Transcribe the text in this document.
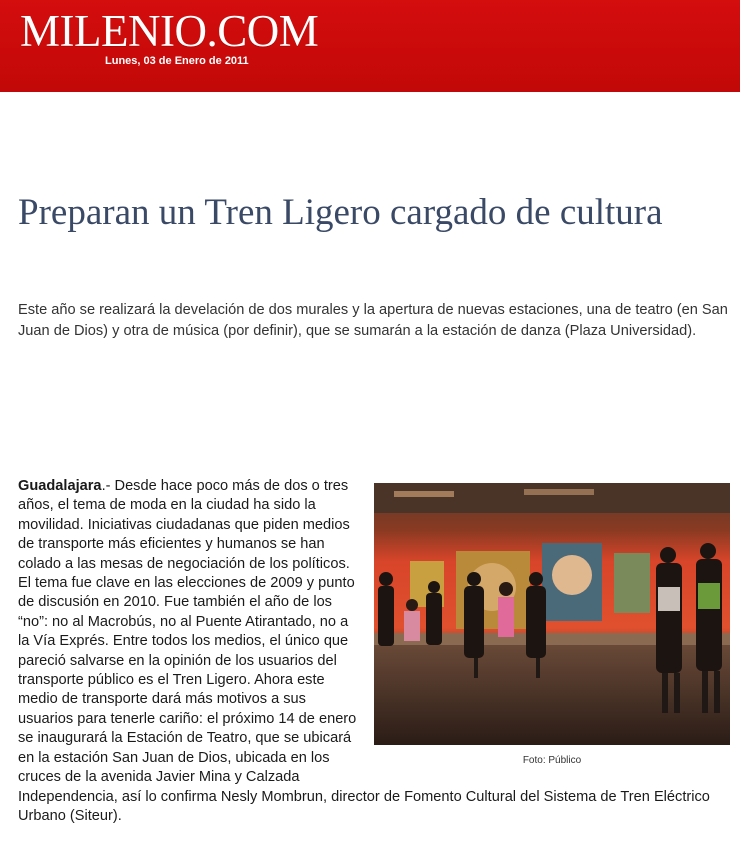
MILENIO.COM
Lunes, 03 de Enero de 2011
Preparan un Tren Ligero cargado de cultura

Este año se realizará la develación de dos murales y la apertura de nuevas estaciones, una de teatro (en San Juan de Dios) y otra de música (por definir), que se sumarán a la estación de danza (Plaza Universidad).

Foto: Público
Guadalajara.- Desde hace poco más de dos o tres años, el tema de moda en la ciudad ha sido la movilidad. Iniciativas ciudadanas que piden medios de transporte más eficientes y humanos se han colado a las mesas de negociación de los políticos. El tema fue clave en las elecciones de 2009 y punto de discusión en 2010. Fue también el año de los “no”: no al Macrobús, no al Puente Atirantado, no a la Vía Exprés. Entre todos los medios, el único que pareció salvarse en la opinión de los usuarios del transporte público es el Tren Ligero. Ahora este medio de transporte dará más motivos a sus usuarios para tenerle cariño: el próximo 14 de enero se inaugurará la Estación de Teatro, que se ubicará en la estación San Juan de Dios, ubicada en los cruces de la avenida Javier Mina y Calzada Independencia, así lo confirma Nesly Mombrun, director de Fomento Cultural del Sistema de Tren Eléctrico Urbano (Siteur).
